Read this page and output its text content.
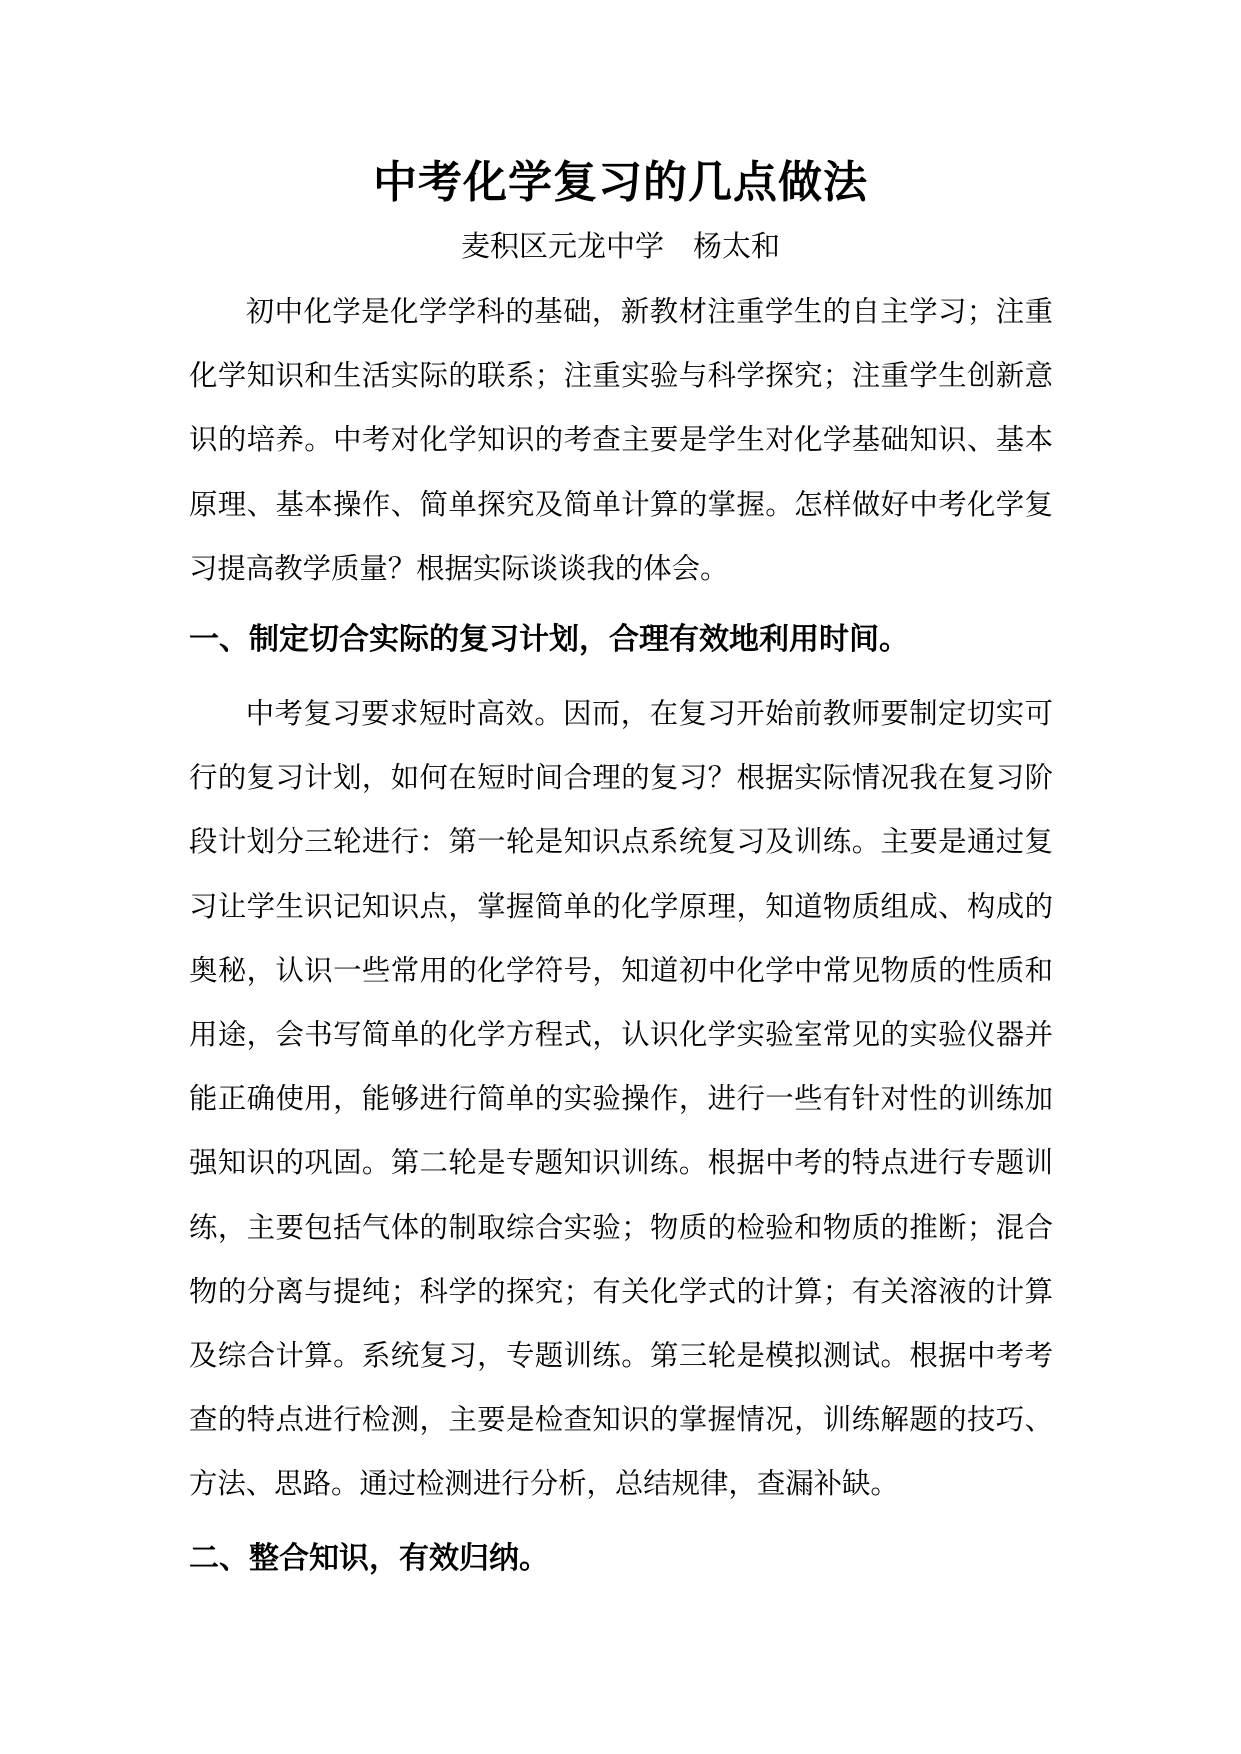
中考化学复习的几点做法
麦积区元龙中学　杨太和

初中化学是化学学科的基础，新教材注重学生的自主学习；注重化学知识和生活实际的联系；注重实验与科学探究；注重学生创新意识的培养。中考对化学知识的考查主要是学生对化学基础知识、基本原理、基本操作、简单探究及简单计算的掌握。怎样做好中考化学复习提高教学质量？根据实际谈谈我的体会。

一、制定切合实际的复习计划，合理有效地利用时间。

中考复习要求短时高效。因而，在复习开始前教师要制定切实可行的复习计划，如何在短时间合理的复习？根据实际情况我在复习阶段计划分三轮进行：第一轮是知识点系统复习及训练。主要是通过复习让学生识记知识点，掌握简单的化学原理，知道物质组成、构成的奥秘，认识一些常用的化学符号，知道初中化学中常见物质的性质和用途，会书写简单的化学方程式，认识化学实验室常见的实验仪器并能正确使用，能够进行简单的实验操作，进行一些有针对性的训练加强知识的巩固。第二轮是专题知识训练。根据中考的特点进行专题训练，主要包括气体的制取综合实验；物质的检验和物质的推断；混合物的分离与提纯；科学的探究；有关化学式的计算；有关溶液的计算及综合计算。系统复习，专题训练。第三轮是模拟测试。根据中考考查的特点进行检测，主要是检查知识的掌握情况，训练解题的技巧、方法、思路。通过检测进行分析，总结规律，查漏补缺。

二、整合知识，有效归纳。
